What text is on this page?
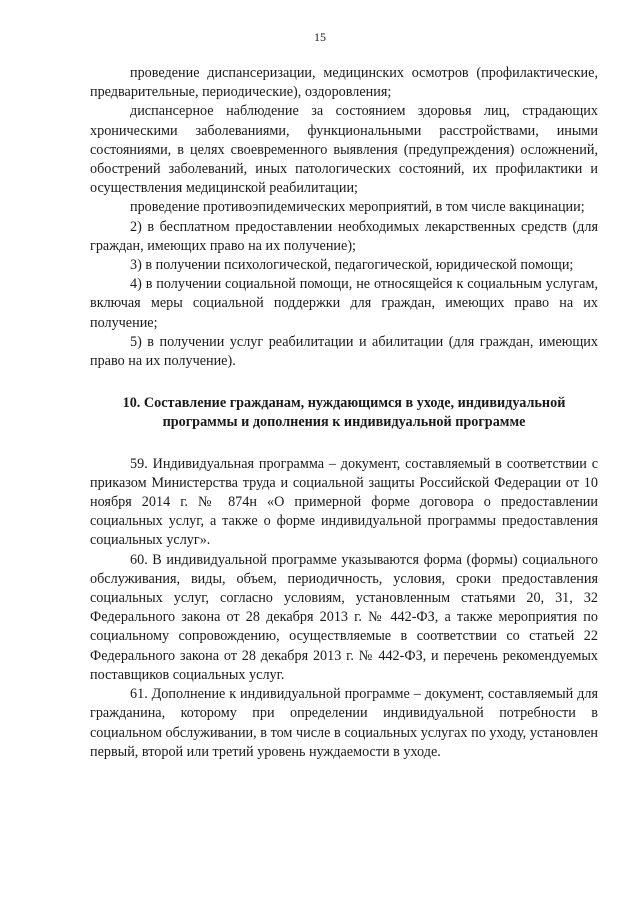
15

проведение диспансеризации, медицинских осмотров (профилактические, предварительные, периодические), оздоровления;

диспансерное наблюдение за состоянием здоровья лиц, страдающих хроническими заболеваниями, функциональными расстройствами, иными состояниями, в целях своевременного выявления (предупреждения) осложнений, обострений заболеваний, иных патологических состояний, их профилактики и осуществления медицинской реабилитации;

проведение противоэпидемических мероприятий, в том числе вакцинации;

2) в бесплатном предоставлении необходимых лекарственных средств (для граждан, имеющих право на их получение);

3) в получении психологической, педагогической, юридической помощи;

4) в получении социальной помощи, не относящейся к социальным услугам, включая меры социальной поддержки для граждан, имеющих право на их получение;

5) в получении услуг реабилитации и абилитации (для граждан, имеющих право на их получение).

10. Составление гражданам, нуждающимся в уходе, индивидуальной программы и дополнения к индивидуальной программе

59. Индивидуальная программа – документ, составляемый в соответствии с приказом Министерства труда и социальной защиты Российской Федерации от 10 ноября 2014 г. № 874н «О примерной форме договора о предоставлении социальных услуг, а также о форме индивидуальной программы предоставления социальных услуг».

60. В индивидуальной программе указываются форма (формы) социального обслуживания, виды, объем, периодичность, условия, сроки предоставления социальных услуг, согласно условиям, установленным статьями 20, 31, 32 Федерального закона от 28 декабря 2013 г. № 442-ФЗ, а также мероприятия по социальному сопровождению, осуществляемые в соответствии со статьей 22 Федерального закона от 28 декабря 2013 г. № 442-ФЗ, и перечень рекомендуемых поставщиков социальных услуг.

61. Дополнение к индивидуальной программе – документ, составляемый для гражданина, которому при определении индивидуальной потребности в социальном обслуживании, в том числе в социальных услугах по уходу, установлен первый, второй или третий уровень нуждаемости в уходе.
